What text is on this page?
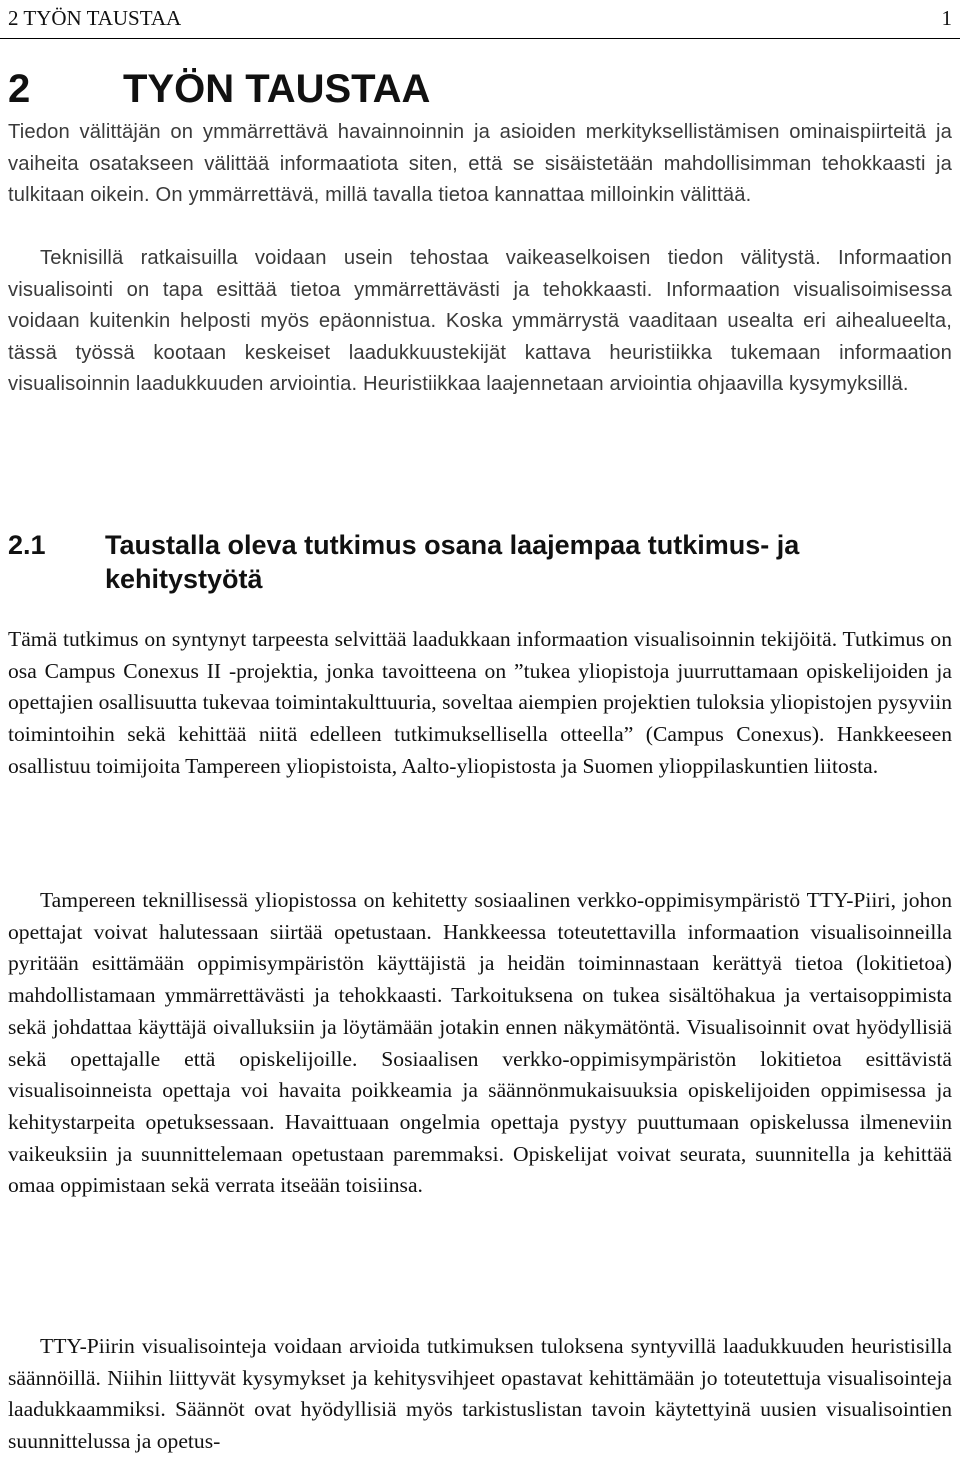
2 TYÖN TAUSTAA	1
2 TYÖN TAUSTAA

Tiedon välittäjän on ymmärrettävä havainnoinnin ja asioiden merkityksellistämisen ominaispiirteitä ja vaiheita osatakseen välittää informaatiota siten, että se sisäistetään mahdollisimman tehokkaasti ja tulkitaan oikein. On ymmärrettävä, millä tavalla tietoa kannattaa milloinkin välittää.

Teknisillä ratkaisuilla voidaan usein tehostaa vaikeaselkoisen tiedon välitystä. Informaation visualisointi on tapa esittää tietoa ymmärrettävästi ja tehokkaasti. Informaation visualisoimisessa voidaan kuitenkin helposti myös epäonnistua. Koska ymmärrystä vaaditaan usealta eri aihealueelta, tässä työssä kootaan keskeiset laadukkuustekijät kattava heuristiikka tukemaan informaation visualisoinnin laadukkuuden arviointia. Heuristiikkaa laajennetaan arviointia ohjaavilla kysymyksillä.

2.1 Taustalla oleva tutkimus osana laajempaa tutkimus- ja kehitystyötä

Tämä tutkimus on syntynyt tarpeesta selvittää laadukkaan informaation visualisoinnin tekijöitä. Tutkimus on osa Campus Conexus II -projektia, jonka tavoitteena on ”tukea yliopistoja juurruttamaan opiskelijoiden ja opettajien osallisuutta tukevaa toimintakulttuuria, soveltaa aiempien projektien tuloksia yliopistojen pysyviin toimintoihin sekä kehittää niitä edelleen tutkimuksellisella otteella” (Campus Conexus). Hankkeeseen osallistuu toimijoita Tampereen yliopistoista, Aalto-yliopistosta ja Suomen ylioppilaskuntien liitosta.

Tampereen teknillisessä yliopistossa on kehitetty sosiaalinen verkko-oppimisympäristö TTY-Piiri, johon opettajat voivat halutessaan siirtää opetustaan. Hankkeessa toteutettavilla informaation visualisoinneilla pyritään esittämään oppimisympäristön käyttäjistä ja heidän toiminnastaan kerättyä tietoa (lokitietoa) mahdollistamaan ymmärrettävästi ja tehokkaasti. Tarkoituksena on tukea sisältöhakua ja vertaisoppimista sekä johdattaa käyttäjä oivalluksiin ja löytämään jotakin ennen näkymätöntä. Visualisoinnit ovat hyödyllisiä sekä opettajalle että opiskelijoille. Sosiaalisen verkko-oppimisympäristön lokitietoa esittävistä visualisoinneista opettaja voi havaita poikkeamia ja säännönmukaisuuksia opiskelijoiden oppimisessa ja kehitystarpeita opetuksessaan. Havaittuaan ongelmia opettaja pystyy puuttumaan opiskelussa ilmeneviin vaikeuksiin ja suunnittelemaan opetustaan paremmaksi. Opiskelijat voivat seurata, suunnitella ja kehittää omaa oppimistaan sekä verrata itseään toisiinsa.

TTY-Piirin visualisointeja voidaan arvioida tutkimuksen tuloksena syntyvillä laadukkuuden heuristisilla säännöillä. Niihin liittyvät kysymykset ja kehitysvihjeet opastavat kehittämään jo toteutettuja visualisointeja laadukkaammiksi. Säännöt ovat hyödyllisiä myös tarkistuslistan tavoin käytettyinä uusien visualisointien suunnittelussa ja opetus-
